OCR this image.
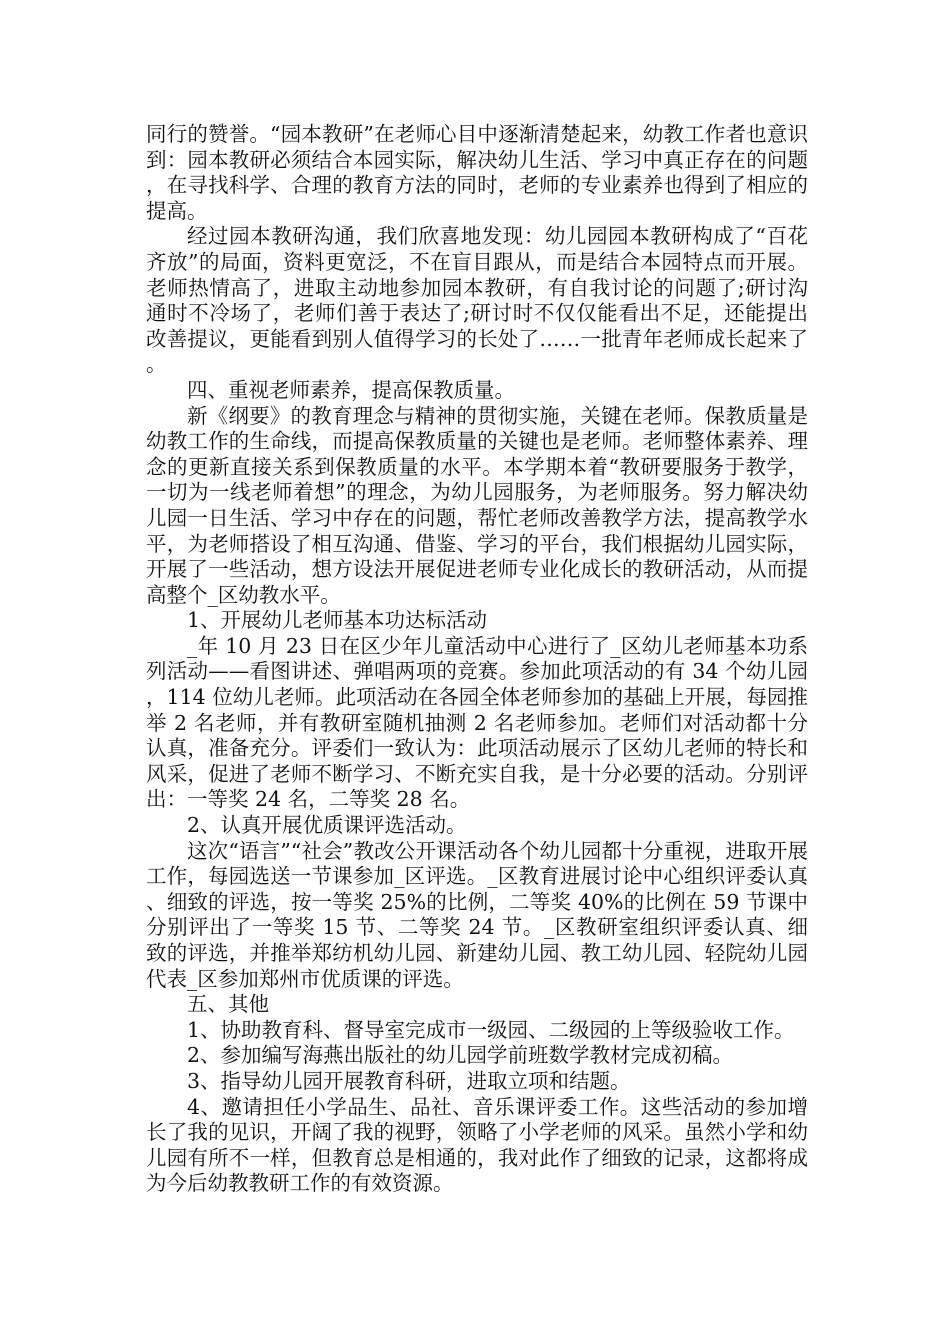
同行的赞誉。“园本教研”在老师心目中逐渐清楚起来，幼教工作者也意识到：园本教研必须结合本园实际，解决幼儿生活、学习中真正存在的问题，在寻找科学、合理的教育方法的同时，老师的专业素养也得到了相应的提高。

经过园本教研沟通，我们欣喜地发现：幼儿园园本教研构成了“百花齐放”的局面，资料更宽泛，不在盲目跟从，而是结合本园特点而开展。老师热情高了，进取主动地参加园本教研，有自我讨论的问题了;研讨沟通时不冷场了，老师们善于表达了;研讨时不仅仅能看出不足，还能提出改善提议，更能看到别人值得学习的长处了……一批青年老师成长起来了。

四、重视老师素养，提高保教质量。

新《纲要》的教育理念与精神的贯彻实施，关键在老师。保教质量是幼教工作的生命线，而提高保教质量的关键也是老师。老师整体素养、理念的更新直接关系到保教质量的水平。本学期本着“教研要服务于教学，一切为一线老师着想”的理念，为幼儿园服务，为老师服务。努力解决幼儿园一日生活、学习中存在的问题，帮忙老师改善教学方法，提高教学水平，为老师搭设了相互沟通、借鉴、学习的平台，我们根据幼儿园实际，开展了一些活动，想方设法开展促进老师专业化成长的教研活动，从而提高整个_区幼教水平。

1、开展幼儿老师基本功达标活动

_年 10 月 23 日在区少年儿童活动中心进行了_区幼儿老师基本功系列活动——看图讲述、弹唱两项的竞赛。参加此项活动的有 34 个幼儿园，114 位幼儿老师。此项活动在各园全体老师参加的基础上开展，每园推举 2 名老师，并有教研室随机抽测 2 名老师参加。老师们对活动都十分认真，准备充分。评委们一致认为：此项活动展示了区幼儿老师的特长和风采，促进了老师不断学习、不断充实自我，是十分必要的活动。分别评出：一等奖 24 名，二等奖 28 名。

2、认真开展优质课评选活动。

这次“语言”“社会”教改公开课活动各个幼儿园都十分重视，进取开展工作，每园选送一节课参加_区评选。_区教育进展讨论中心组织评委认真、细致的评选，按一等奖 25%的比例，二等奖 40%的比例在 59 节课中分别评出了一等奖 15 节、二等奖 24 节。_区教研室组织评委认真、细致的评选，并推举郑纺机幼儿园、新建幼儿园、教工幼儿园、轻院幼儿园代表_区参加郑州市优质课的评选。

五、其他

1、协助教育科、督导室完成市一级园、二级园的上等级验收工作。

2、参加编写海燕出版社的幼儿园学前班数学教材完成初稿。

3、指导幼儿园开展教育科研，进取立项和结题。

4、邀请担任小学品生、品社、音乐课评委工作。这些活动的参加增长了我的见识，开阔了我的视野，领略了小学老师的风采。虽然小学和幼儿园有所不一样，但教育总是相通的，我对此作了细致的记录，这都将成为今后幼教教研工作的有效资源。
